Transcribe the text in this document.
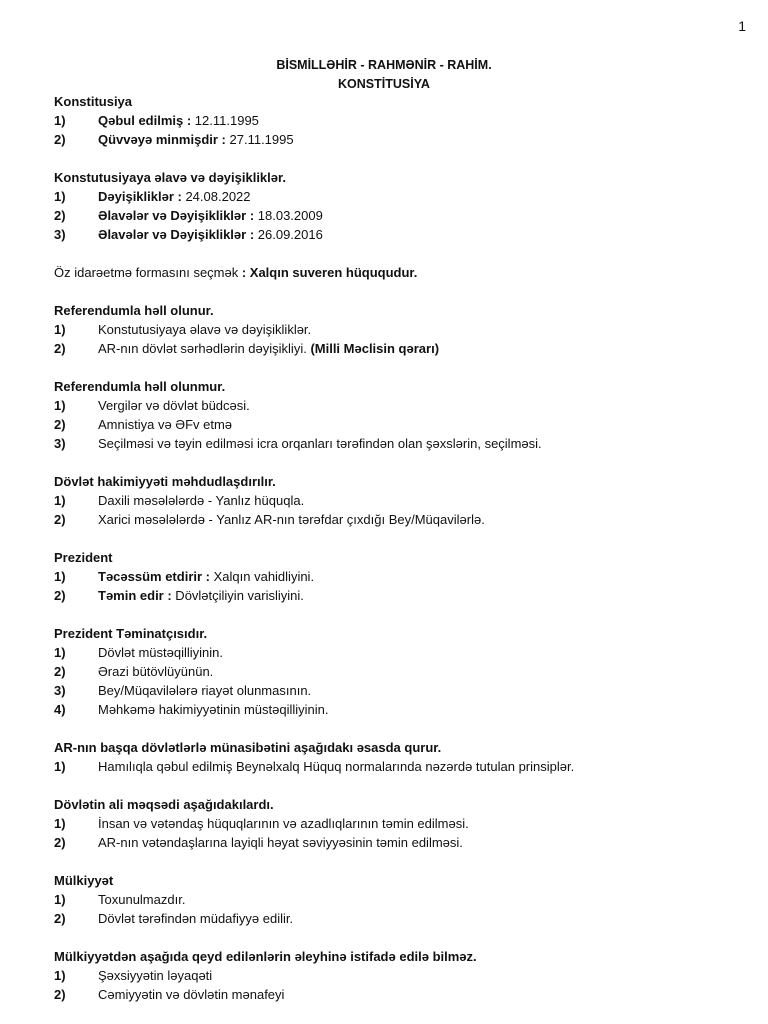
1
BİSMİLLƏHİR - RAHMƏNİR - RAHİM.
KONSTİTUSİYA
Konstitusiya
1)	Qəbul edilmiş : 12.11.1995
2)	Qüvvəyə minmişdir : 27.11.1995
Konstutusiyaya əlavə və dəyişikliklər.
1)	Dəyişikliklər : 24.08.2022
2)	Əlavələr və Dəyişikliklər : 18.03.2009
3)	Əlavələr və Dəyişikliklər : 26.09.2016
Öz idarəetmə formasını seçmək : Xalqın suveren hüququdur.
Referendumla həll olunur.
1)	Konstutusiyaya əlavə və dəyişikliklər.
2)	AR-nın dövlət sərhədlərin dəyişikliyi. (Milli Məclisin qərarı)
Referendumla həll olunmur.
1)	Vergilər və dövlət büdcəsi.
2)	Amnistiya və ƏFv etmə
3)	Seçilməsi və təyin edilməsi icra orqanları tərəfindən olan şəxslərin, seçilməsi.
Dövlət hakimiyyəti məhdudlaşdırılır.
1)	Daxili məsələlərdə - Yanlız hüquqla.
2)	Xarici məsələlərdə - Yanlız AR-nın tərəfdar çıxdığı Bey/Müqavilərlə.
Prezident
1)	Təcəssüm etdirir : Xalqın vahidliyini.
2)	Təmin edir : Dövlətçiliyin varisliyini.
Prezident Təminatçısıdır.
1)	Dövlət müstəqilliyinin.
2)	Ərazi bütövlüyünün.
3)	Bey/Müqavilələrə riayət olunmasının.
4)	Məhkəmə hakimiyyətinin müstəqilliyinin.
AR-nın başqa dövlətlərlə münasibətini aşağıdakı əsasda qurur.
1)	Hamılıqla qəbul edilmiş Beynəlxalq Hüquq normalarında nəzərdə tutulan prinsiplər.
Dövlətin ali məqsədi aşağıdakılardı.
1)	İnsan və vətəndaş hüquqlarının və azadlıqlarının təmin edilməsi.
2)	AR-nın vətəndaşlarına layiqli həyat səviyyəsinin təmin edilməsi.
Mülkiyyət
1)	Toxunulmazdır.
2)	Dövlət tərəfindən müdafiyyə edilir.
Mülkiyyətdən aşağıda qeyd edilənlərin əleyhinə istifadə edilə bilməz.
1)	Şəxsiyyətin ləyaqəti
2)	Cəmiyyətin və dövlətin mənafeyi
